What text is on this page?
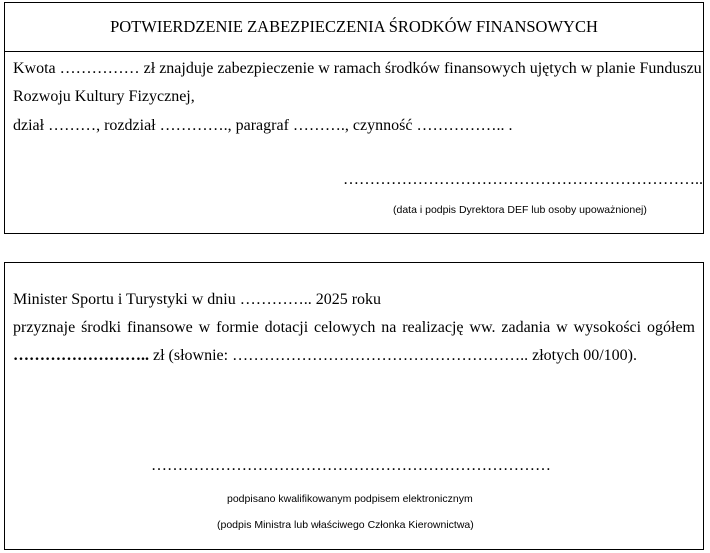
POTWIERDZENIE ZABEZPIECZENIA ŚRODKÓW FINANSOWYCH
Kwota …………… zł znajduje zabezpieczenie w ramach środków finansowych ujętych w planie Funduszu
Rozwoju Kultury Fizycznej,
dział ………, rozdział …………., paragraf ………., czynność …………….. .
…………………………………………………………..
(data i podpis Dyrektora DEF lub osoby upoważnionej)
Minister Sportu i Turystyki w dniu ………….. 2025 roku
przyznaje środki finansowe w formie dotacji celowych na realizację ww. zadania w wysokości ogółem
…………………….. zł (słownie: ……………………………………………….. złotych 00/100).
…………………………………………………………………
podpisano kwalifikowanym podpisem elektronicznym
(podpis Ministra lub właściwego Członka Kierownictwa)
